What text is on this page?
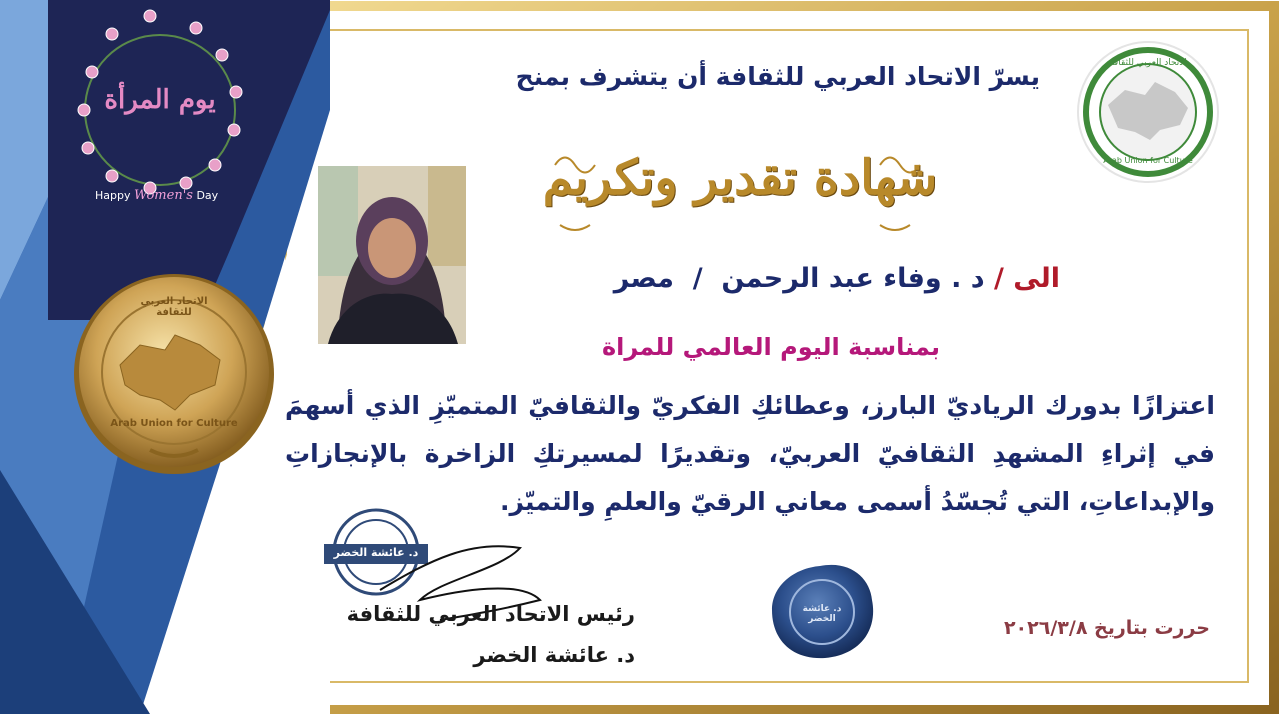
يوم المرأة
Happy Women's Day
الاتحاد العربي للثقافة
Arab Union for Culture
الاتحاد العربي للثقافة
Arab Union for Culture
د. عائشة الخضر
د. عائشة الخضر
يسرّ الاتحاد العربي للثقافة أن يتشرف بمنح
شهادة تقدير وتكريم
الى / د . وفاء عبد الرحمن  /  مصر
بمناسبة اليوم العالمي للمراة
اعتزازًا بدورك الرياديّ البارز، وعطائكِ الفكريّ والثقافيّ المتميّزِ الذي أسهمَ في إثراءِ المشهدِ الثقافيّ العربيّ، وتقديرًا لمسيرتكِ الزاخرة بالإنجازاتِ والإبداعاتِ، التي تُجسّدُ أسمى معاني الرقيّ والعلمِ والتميّز.
رئيس الاتحاد العربي للثقافة
د. عائشة الخضر
حررت بتاريخ ٢٠٢٦/٣/٨
